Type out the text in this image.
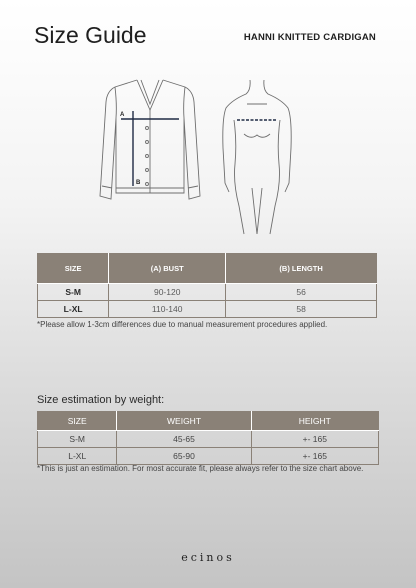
Size Guide	HANNI KNITTED CARDIGAN
A
B
SIZE	(A) BUST	(B) LENGTH
S-M	90-120	56
L-XL	110-140	58
*Please allow 1-3cm differences due to manual measurement procedures applied.
Size estimation by weight:
SIZE	WEIGHT	HEIGHT
S-M	45-65	+- 165
L-XL	65-90	+- 165
*This is just an estimation. For most accurate fit, please always refer to the size chart above.
ecinos
